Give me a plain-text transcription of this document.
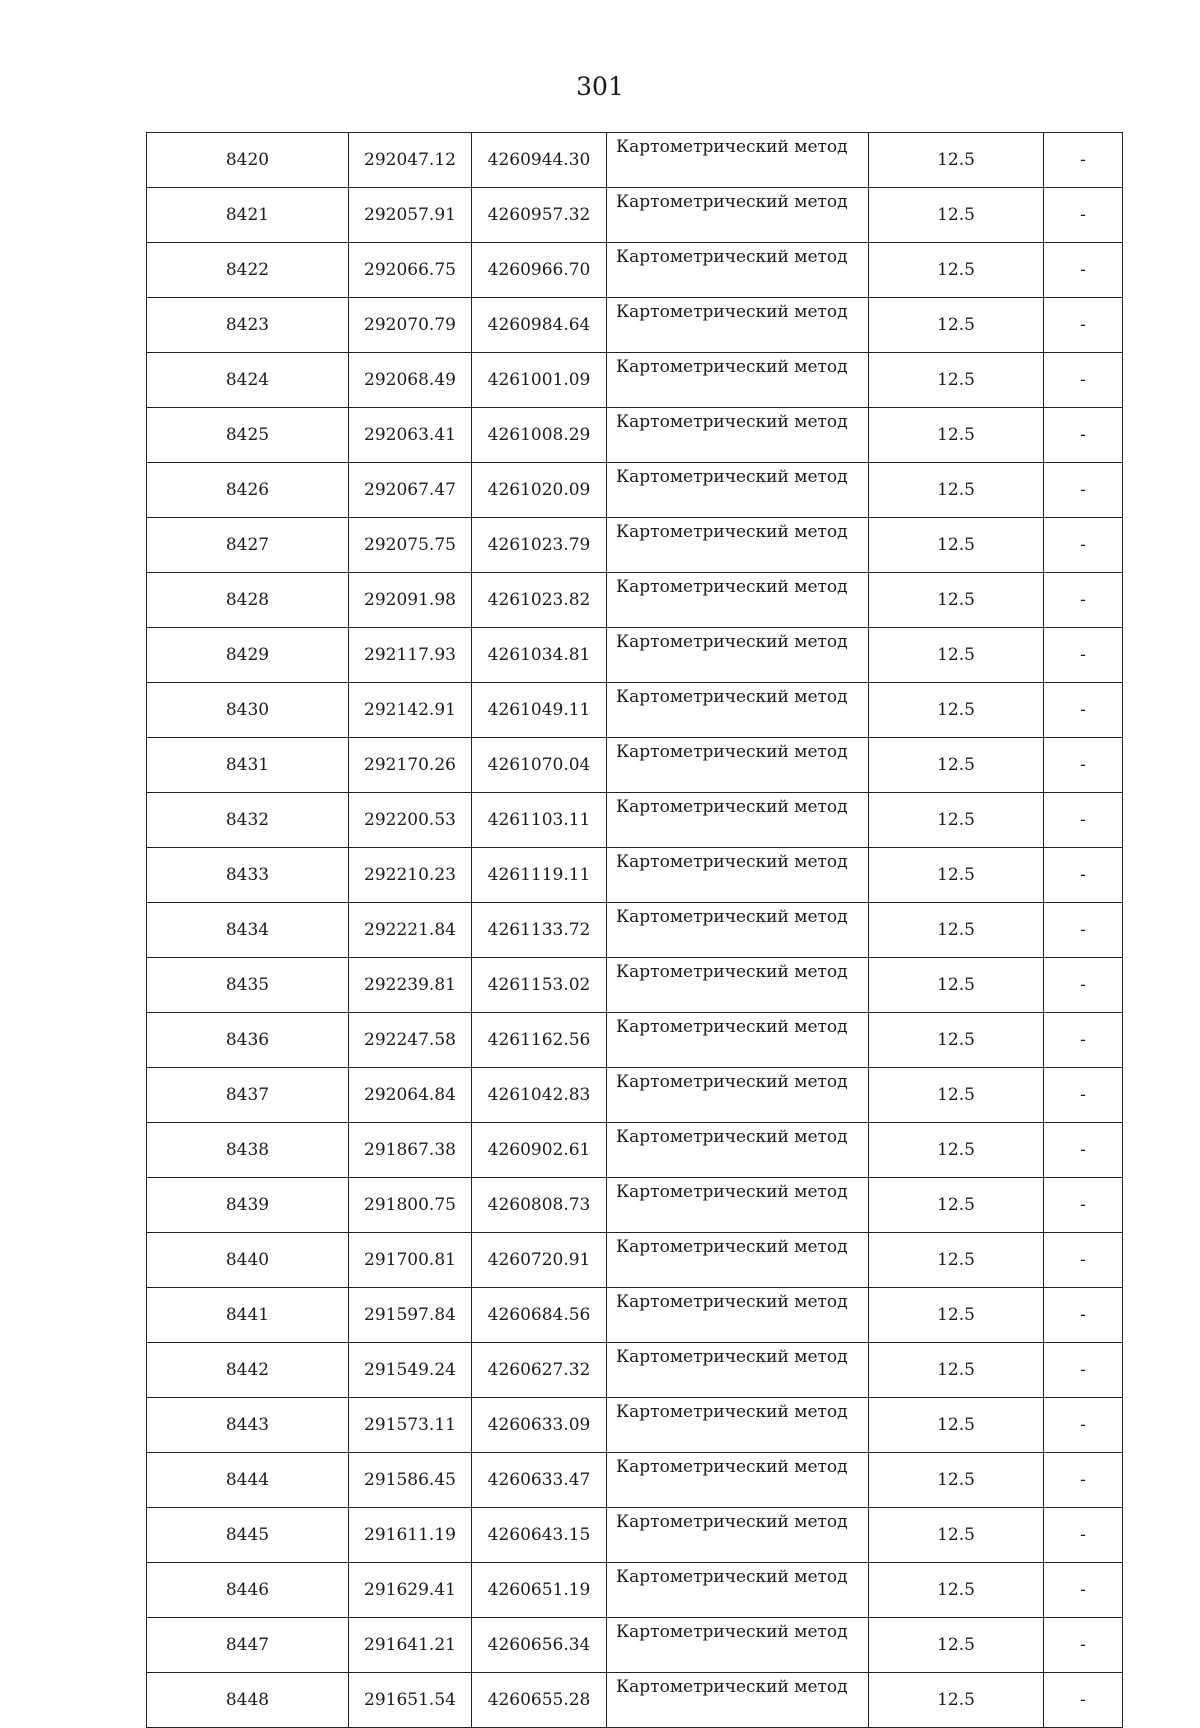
301
8420	292047.12	4260944.30	Картометрический метод	12.5	-
8421	292057.91	4260957.32	Картометрический метод	12.5	-
8422	292066.75	4260966.70	Картометрический метод	12.5	-
8423	292070.79	4260984.64	Картометрический метод	12.5	-
8424	292068.49	4261001.09	Картометрический метод	12.5	-
8425	292063.41	4261008.29	Картометрический метод	12.5	-
8426	292067.47	4261020.09	Картометрический метод	12.5	-
8427	292075.75	4261023.79	Картометрический метод	12.5	-
8428	292091.98	4261023.82	Картометрический метод	12.5	-
8429	292117.93	4261034.81	Картометрический метод	12.5	-
8430	292142.91	4261049.11	Картометрический метод	12.5	-
8431	292170.26	4261070.04	Картометрический метод	12.5	-
8432	292200.53	4261103.11	Картометрический метод	12.5	-
8433	292210.23	4261119.11	Картометрический метод	12.5	-
8434	292221.84	4261133.72	Картометрический метод	12.5	-
8435	292239.81	4261153.02	Картометрический метод	12.5	-
8436	292247.58	4261162.56	Картометрический метод	12.5	-
8437	292064.84	4261042.83	Картометрический метод	12.5	-
8438	291867.38	4260902.61	Картометрический метод	12.5	-
8439	291800.75	4260808.73	Картометрический метод	12.5	-
8440	291700.81	4260720.91	Картометрический метод	12.5	-
8441	291597.84	4260684.56	Картометрический метод	12.5	-
8442	291549.24	4260627.32	Картометрический метод	12.5	-
8443	291573.11	4260633.09	Картометрический метод	12.5	-
8444	291586.45	4260633.47	Картометрический метод	12.5	-
8445	291611.19	4260643.15	Картометрический метод	12.5	-
8446	291629.41	4260651.19	Картометрический метод	12.5	-
8447	291641.21	4260656.34	Картометрический метод	12.5	-
8448	291651.54	4260655.28	Картометрический метод	12.5	-
